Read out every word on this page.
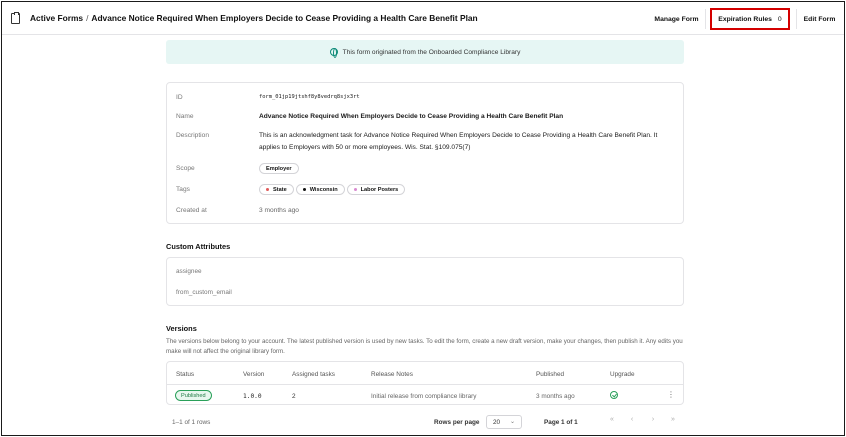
Active Forms / Advance Notice Required When Employers Decide to Cease Providing a Health Care Benefit Plan	Manage Form	Expiration Rules 0	Edit Form
This form originated from the Onboarded Compliance Library
ID	form_01jp19jtshf8y8vedrq8sjx3rt
Name	Advance Notice Required When Employers Decide to Cease Providing a Health Care Benefit Plan
Description	This is an acknowledgment task for Advance Notice Required When Employers Decide to Cease Providing a Health Care Benefit Plan. It applies to Employers with 50 or more employees. Wis. Stat. §109.075(7)
Scope	Employer
Tags	State	Wisconsin	Labor Posters
Created at	3 months ago
Custom Attributes
assignee
from_custom_email
Versions
The versions below belong to your account. The latest published version is used by new tasks. To edit the form, create a new draft version, make your changes, then publish it. Any edits you make will not affect the original library form.
Status	Version	Assigned tasks	Release Notes	Published	Upgrade
Published	1.0.0	2	Initial release from compliance library	3 months ago	⋮
1–1 of 1 rows	Rows per page 20 ⌄	Page 1 of 1	«	‹	›	»
